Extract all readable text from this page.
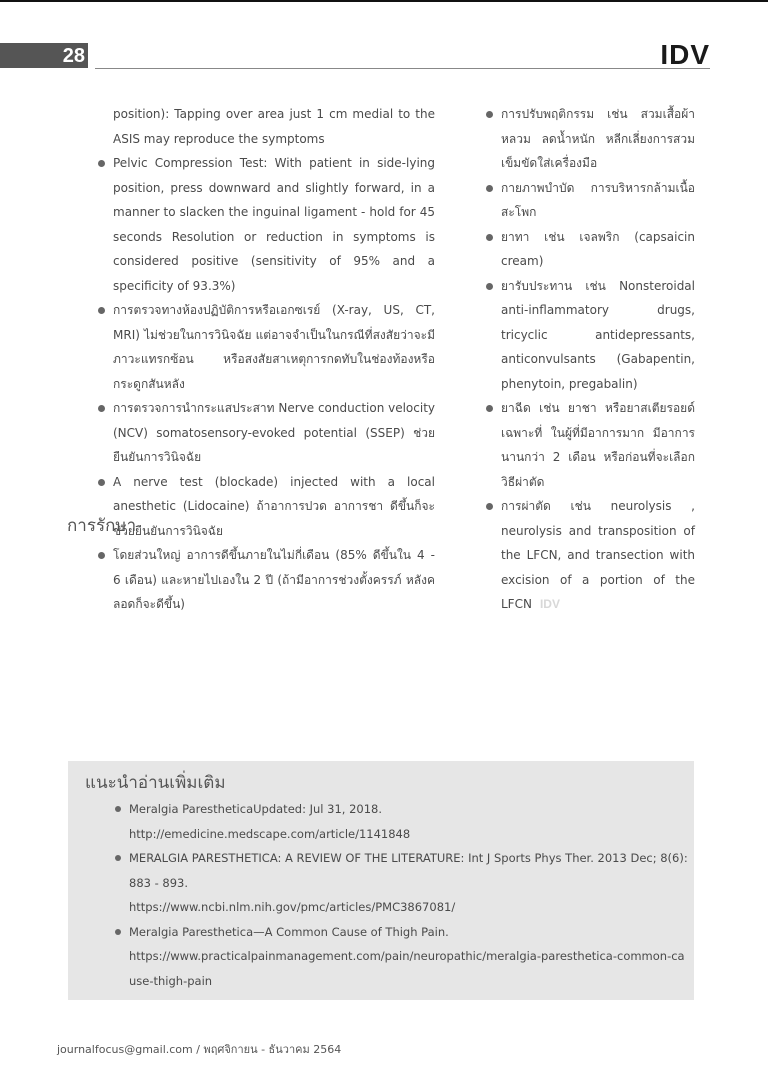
28	IDV
position): Tapping over area just 1 cm medial to the ASIS may reproduce the symptoms
Pelvic Compression Test: With patient in side-lying position, press downward and slightly forward, in a manner to slacken the inguinal ligament - hold for 45 seconds Resolution or reduction in symptoms is considered positive (sensitivity of 95% and a specificity of 93.3%)
การตรวจทางห้องปฏิบัติการหรือเอกซเรย์ (X-ray, US, CT, MRI) ไม่ช่วยในการวินิจฉัย แต่อาจจำเป็นในกรณีที่สงสัยว่าจะมีภาวะแทรกซ้อน หรือสงสัยสาเหตุการกดทับในช่องท้องหรือกระดูกสันหลัง
การตรวจการนำกระแสประสาท Nerve conduction velocity (NCV) somatosensory-evoked potential (SSEP) ช่วยยืนยันการวินิจฉัย
A nerve test (blockade) injected with a local anesthetic (Lidocaine) ถ้าอาการปวด อาการชา ดีขึ้นก็จะช่วยยืนยันการวินิจฉัย
การรักษา
โดยส่วนใหญ่ อาการดีขึ้นภายในไม่กี่เดือน (85% ดีขึ้นใน 4 - 6 เดือน) และหายไปเองใน 2 ปี (ถ้ามีอาการช่วงตั้งครรภ์ หลังคลอดก็จะดีขึ้น)
การปรับพฤติกรรม เช่น สวมเสื้อผ้าหลวม ลดน้ำหนัก หลีกเลี่ยงการสวมเข็มขัดใส่เครื่องมือ
กายภาพบำบัด การบริหารกล้ามเนื้อสะโพก
ยาทา เช่น เจลพริก (capsaicin cream)
ยารับประทาน เช่น Nonsteroidal anti-inflammatory drugs, tricyclic antidepressants, anticonvulsants (Gabapentin, phenytoin, pregabalin)
ยาฉีด เช่น ยาชา หรือยาสเตียรอยด์เฉพาะที่ ในผู้ที่มีอาการมาก มีอาการนานกว่า 2 เดือน หรือก่อนที่จะเลือกวิธีผ่าตัด
การผ่าตัด เช่น neurolysis , neurolysis and transposition of the LFCN, and transection with excision of a portion of the LFCN IDV
แนะนำอ่านเพิ่มเติม
Meralgia ParestheticaUpdated: Jul 31, 2018.
http://emedicine.medscape.com/article/1141848
MERALGIA PARESTHETICA: A REVIEW OF THE LITERATURE: Int J Sports Phys Ther. 2013 Dec; 8(6): 883 - 893.
https://www.ncbi.nlm.nih.gov/pmc/articles/PMC3867081/
Meralgia Paresthetica—A Common Cause of Thigh Pain.
https://www.practicalpainmanagement.com/pain/neuropathic/meralgia-paresthetica-common-cause-thigh-pain
journalfocus@gmail.com / พฤศจิกายน - ธันวาคม 2564
